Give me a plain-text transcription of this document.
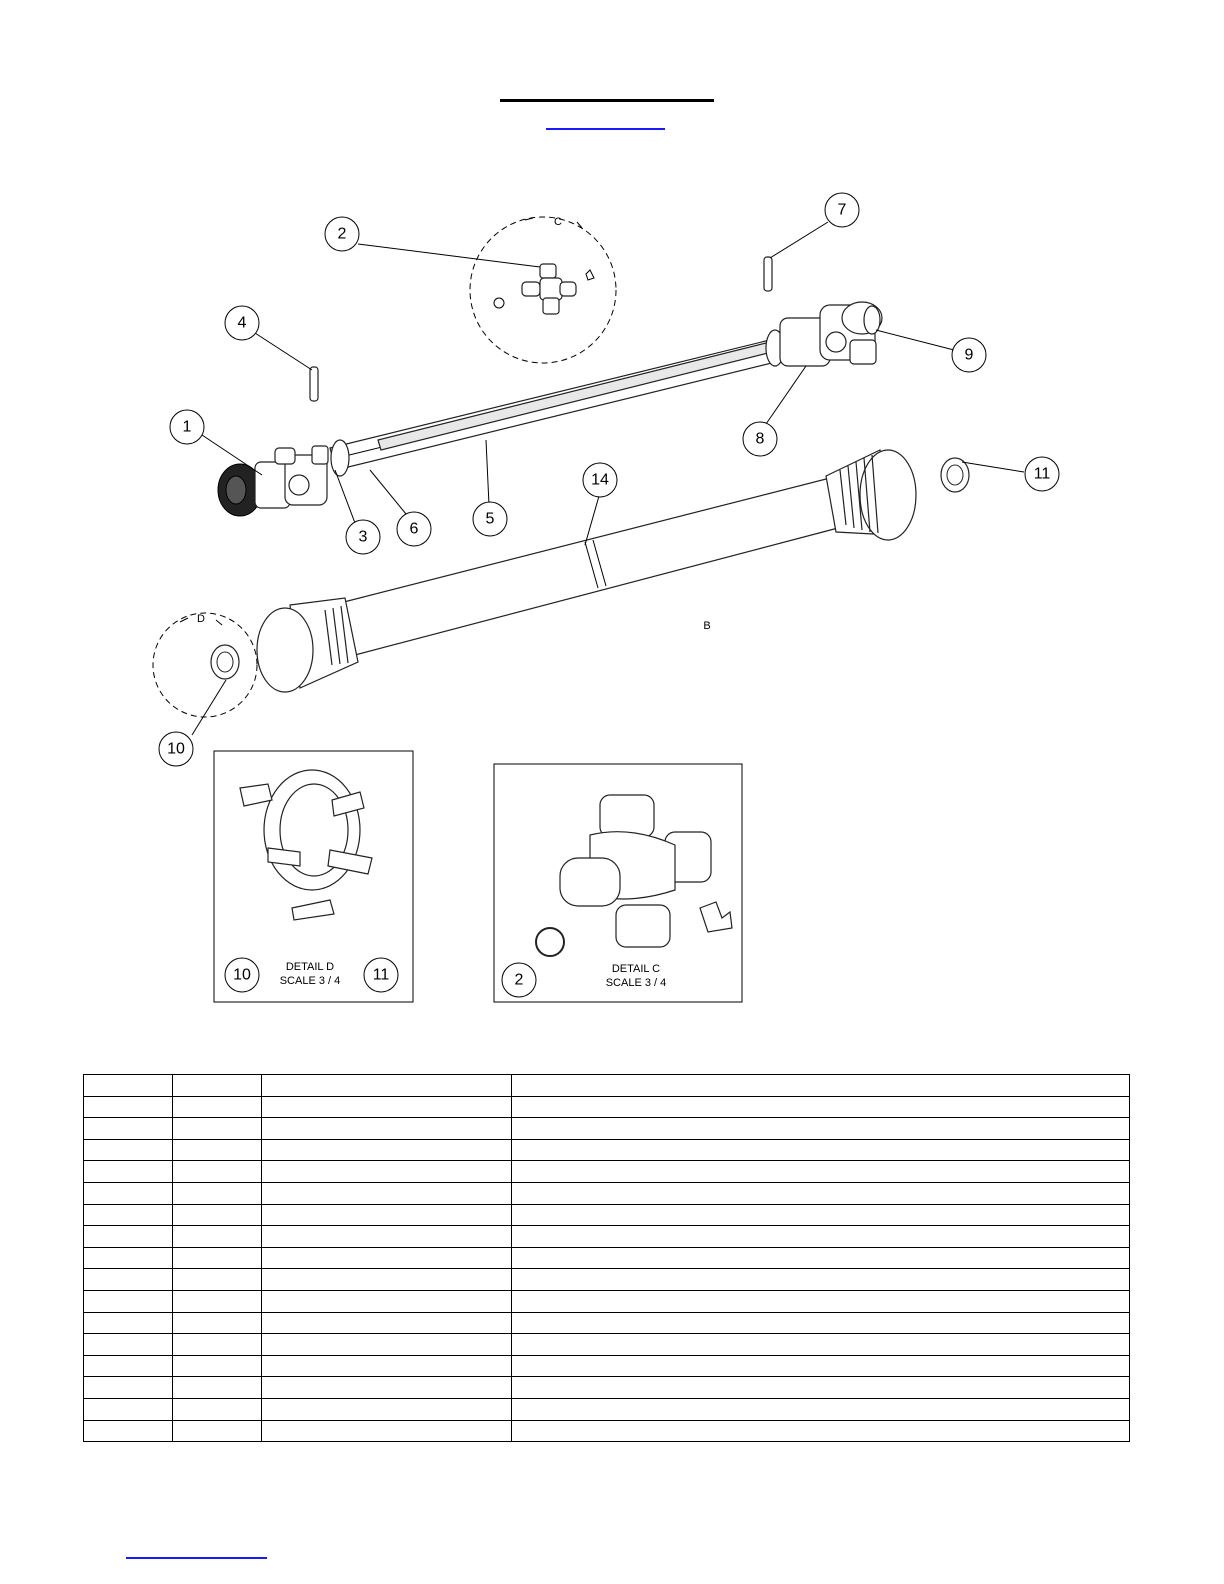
C
B
D
1
2
3
4
5
6
7
8
9
10
11
14
10	11
DETAIL D
SCALE 3 / 4	2
DETAIL C
SCALE 3 / 4
